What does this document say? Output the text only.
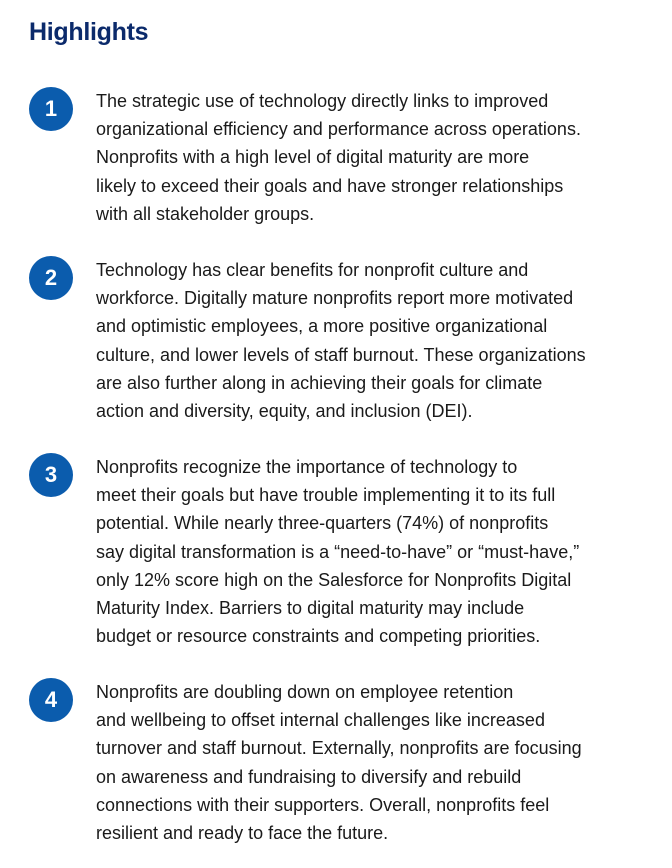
Highlights
1	The strategic use of technology directly links to improved
organizational efficiency and performance across operations.
Nonprofits with a high level of digital maturity are more
likely to exceed their goals and have stronger relationships
with all stakeholder groups.

2	Technology has clear benefits for nonprofit culture and
workforce. Digitally mature nonprofits report more motivated
and optimistic employees, a more positive organizational
culture, and lower levels of staff burnout. These organizations
are also further along in achieving their goals for climate
action and diversity, equity, and inclusion (DEI).

3	Nonprofits recognize the importance of technology to
meet their goals but have trouble implementing it to its full
potential. While nearly three-quarters (74%) of nonprofits
say digital transformation is a “need-to-have” or “must-have,”
only 12% score high on the Salesforce for Nonprofits Digital
Maturity Index. Barriers to digital maturity may include
budget or resource constraints and competing priorities.

4	Nonprofits are doubling down on employee retention
and wellbeing to offset internal challenges like increased
turnover and staff burnout. Externally, nonprofits are focusing
on awareness and fundraising to diversify and rebuild
connections with their supporters. Overall, nonprofits feel
resilient and ready to face the future.
